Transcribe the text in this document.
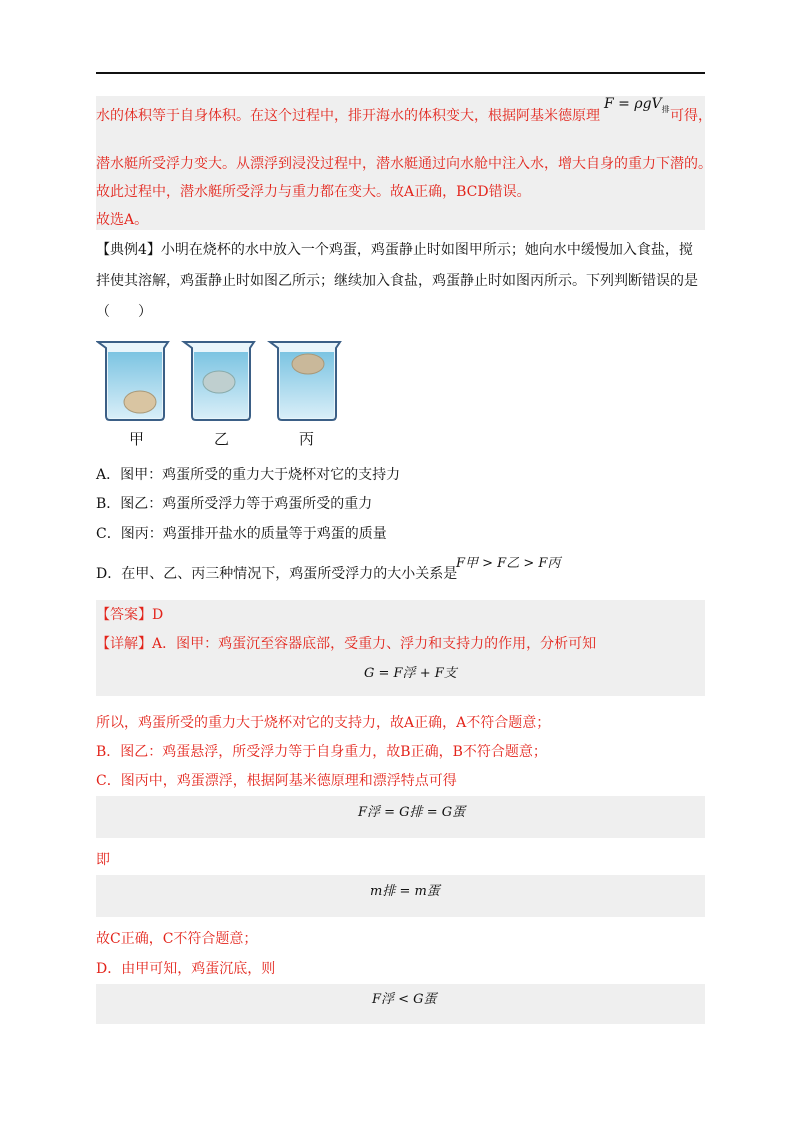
水的体积等于自身体积。在这个过程中，排开海水的体积变大，根据阿基米德原理
F = ρgV$_排$ 可得，
潜水艇所受浮力变大。从漂浮到浸没过程中，潜水艇通过向水舱中注入水，增大自身的重力下潜的。
故此过程中，潜水艇所受浮力与重力都在变大。故A正确，BCD错误。
故选A。
【典例4】小明在烧杯的水中放入一个鸡蛋，鸡蛋静止时如图甲所示；她向水中缓慢加入食盐，搅
拌使其溶解，鸡蛋静止时如图乙所示；继续加入食盐，鸡蛋静止时如图丙所示。下列判断错误的是
（　　）
甲	乙	丙
A．图甲：鸡蛋所受的重力大于烧杯对它的支持力
B．图乙：鸡蛋所受浮力等于鸡蛋所受的重力
C．图丙：鸡蛋排开盐水的质量等于鸡蛋的质量
D．在甲、乙、丙三种情况下，鸡蛋所受浮力的大小关系是
F甲 > F乙 > F丙
【答案】D
【详解】A．图甲：鸡蛋沉至容器底部，受重力、浮力和支持力的作用，分析可知
G = F浮 + F支
所以，鸡蛋所受的重力大于烧杯对它的支持力，故A正确，A不符合题意；
B．图乙：鸡蛋悬浮，所受浮力等于自身重力，故B正确，B不符合题意；
C．图丙中，鸡蛋漂浮，根据阿基米德原理和漂浮特点可得
F浮 = G排 = G蛋
即
m排 = m蛋
故C正确，C不符合题意；
D．由甲可知，鸡蛋沉底，则
F浮 < G蛋
